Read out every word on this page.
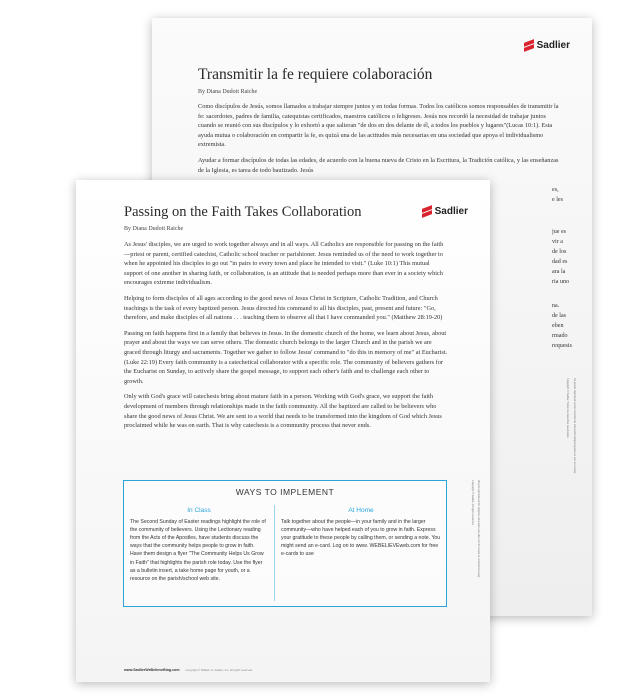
Sadlier
Transmitir la fe requiere colaboración
By Diana Dudoit Raiche

Como discípulos de Jesús, somos llamados a trabajar siempre juntos y en todas formas. Todos los católicos somos responsables de transmitir la fe: sacerdotes, padres de familia, catequistas certificados, maestros católicos o feligreses. Jesús nos recordó la necesidad de trabajar juntos cuando se reunió con sus discípulos y lo exhortó a que salieran "de dos en dos delante de él, a todos los pueblos y lugares"(Lucas 10:1). Esta ayuda mutua o colaboración en compartir la fe, es quizá una de las actitudes más necesarias en una sociedad que apoya el individualismo extremista.

Ayudar a formar discípulos de todas las edades, de acuerdo con la buena nueva de Cristo en la Escritura, la Tradición católica, y las enseñanzas de la Iglesia, es tarea de todo bautizado. Jesús

es,
e les
jue es
vir a
de los
dad es
ara la
ria uno
na.
de las
eben
rmado
requesis
Se puede reproducir (como material de educación religiosa) para su uso en el aula.
Copyright © Sadlier. Todos los derechos reservados.
Sadlier
Passing on the Faith Takes Collaboration
By Diana Dudoit Raiche

As Jesus' disciples, we are urged to work together always and in all ways. All Catholics are responsible for passing on the faith—priest or parent, certified catechist, Catholic school teacher or parishioner. Jesus reminded us of the need to work together to when he appointed his disciples to go out "in pairs to every town and place he intended to visit." (Luke 10:1) This mutual support of one another in sharing faith, or collaboration, is an attitude that is needed perhaps more than ever in a society which encourages extreme individualism.

Helping to form disciples of all ages according to the good news of Jesus Christ in Scripture, Catholic Tradition, and Church teachings is the task of every baptized person. Jesus directed his command to all his disciples, past, present and future: "Go, therefore, and make disciples of all nations . . . teaching them to observe all that I have commanded you." (Matthew 28:19-20)

Passing on faith happens first in a family that believes in Jesus. In the domestic church of the home, we learn about Jesus, about prayer and about the ways we can serve others. The domestic church belongs to the larger Church and in the parish we are graced through liturgy and sacraments. Together we gather to follow Jesus' command to "do this in memory of me" at Eucharist. (Luke 22:19) Every faith community is a catechetical collaborator with a specific role. The community of believers gathers for the Eucharist on Sunday, to actively share the gospel message, to support each other's faith and to challenge each other to growth.

Only with God's grace will catechesis bring about mature faith in a person. Working with God's grace, we support the faith development of members through relationships made in the faith community. All the baptized are called to be believers who share the good news of Jesus Christ. We are sent to a world that needs to be transformed into the kingdom of God which Jesus proclaimed while he was on earth. That is why catechesis is a community process that never ends.

WAYS TO IMPLEMENT
In Class

The Second Sunday of Easter readings highlight the role of the community of believers. Using the Lectionary reading from the Acts of the Apostles, have students discuss the ways that the community helps people to grow in faith. Have them design a flyer "The Community Helps Us Grow in Faith" that highlights the parish role today. Use the flyer as a bulletin insert, a take home page for youth, or a resource on the parish/school web site.

At Home

Talk together about the people—in your family and in the larger community—who have helped each of you to grow in faith. Express your gratitude to these people by calling them, or sending a note. You might send an e-card. Log on to www. WEBELIEVEweb.com for free e-cards to use

www.SadlierWeBelieveBlog.com Copyright © William H. Sadlier, Inc. All rights reserved.
May be reproduced for religious education use (but not for resale or commercial use).
Copyright © Sadlier. All rights reserved.
